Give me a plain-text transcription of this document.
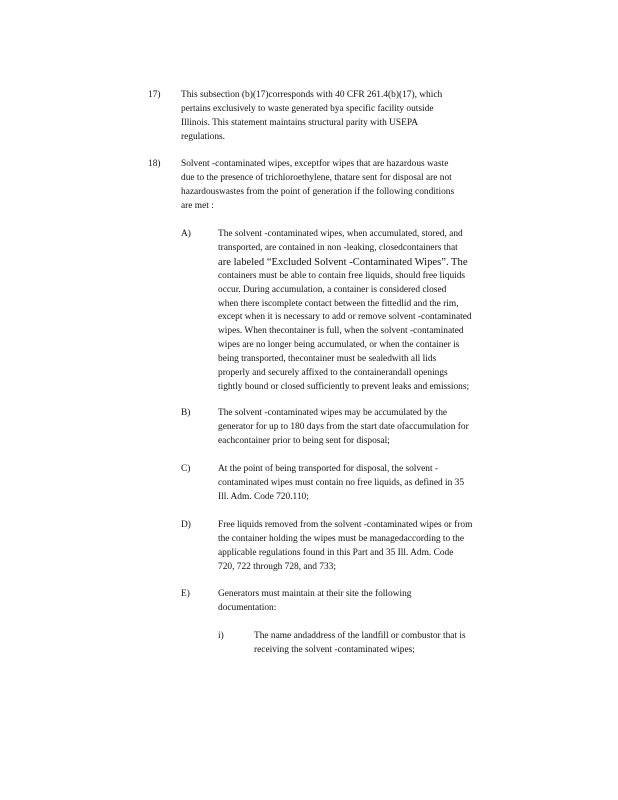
17) This subsection (b)(17)corresponds with 40 CFR 261.4(b)(17), which
pertains exclusively to waste generated bya specific facility outside
Illinois. This statement maintains structural parity with USEPA
regulations.
18) Solvent -contaminated wipes, exceptfor wipes that are hazardous waste
due to the presence of trichloroethylene, thatare sent for disposal are not
hazardouswastes from the point of generation if the following conditions
are met :
A)	The solvent -contaminated wipes, when accumulated, stored, and
transported, are contained in non -leaking, closedcontainers that
are labeled “Excluded Solvent -Contaminated Wipes”. The
containers must be able to contain free liquids, should free liquids
occur. During accumulation, a container is considered closed
when there iscomplete contact between the fittedlid and the rim,
except when it is necessary to add or remove solvent -contaminated
wipes. When thecontainer is full, when the solvent -contaminated
wipes are no longer being accumulated, or when the container is
being transported, thecontainer must be sealedwith all lids
properly and securely affixed to the containerandall openings
tightly bound or closed sufficiently to prevent leaks and emissions;
B)	The solvent -contaminated wipes may be accumulated by the
generator for up to 180 days from the start date ofaccumulation for
eachcontainer prior to being sent for disposal;
C)	At the point of being transported for disposal, the solvent -
contaminated wipes must contain no free liquids, as defined in 35
Ill. Adm. Code 720.110;
D)	Free liquids removed from the solvent -contaminated wipes or from
the container holding the wipes must be managedaccording to the
applicable regulations found in this Part and 35 Ill. Adm. Code
720, 722 through 728, and 733;
E)	Generators must maintain at their site the following
documentation:
i)	The name andaddress of the landfill or combustor that is
receiving the solvent -contaminated wipes;
